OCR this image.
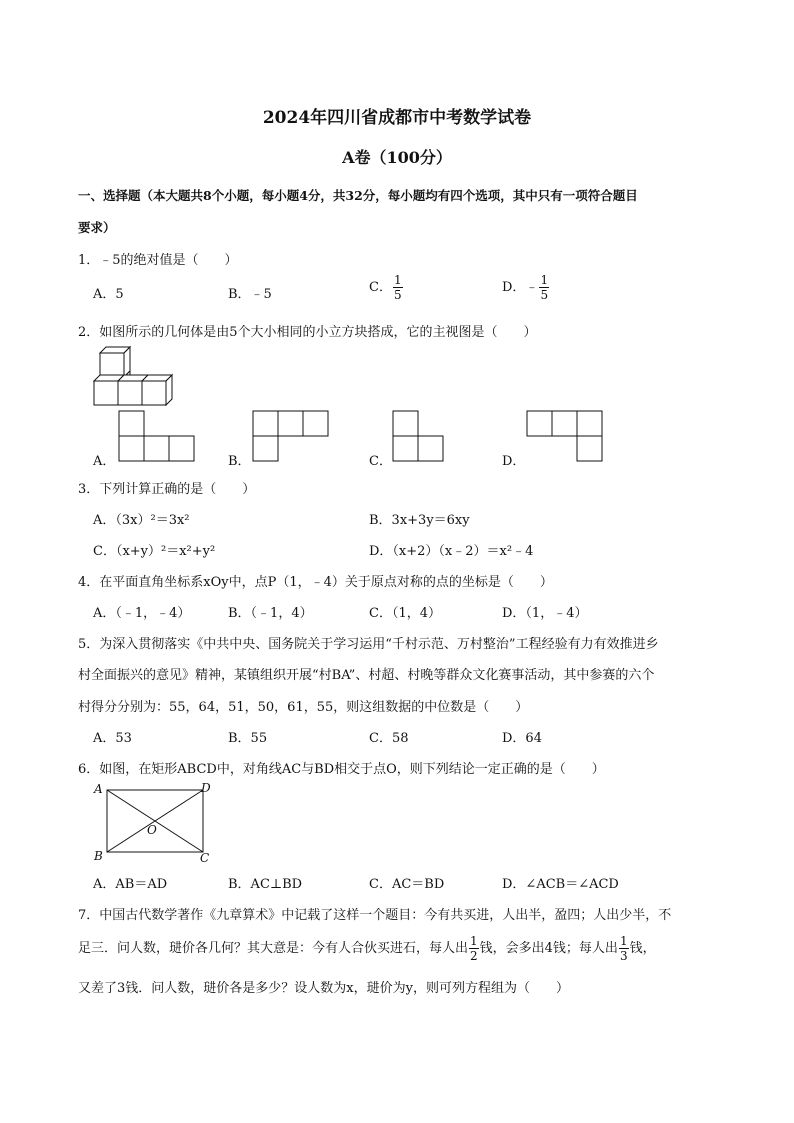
2024年四川省成都市中考数学试卷
A卷（100分）
一、选择题（本大题共8个小题，每小题4分，共32分，每小题均有四个选项，其中只有一项符合题目
要求）
1．﹣5的绝对值是（　　）
A．5	B．﹣5	C． $\frac{1}{5}$	D．﹣ $\frac{1}{5}$
2．如图所示的几何体是由5个大小相同的小立方块搭成，它的主视图是（　　）
A．	B．	C．	D．
3．下列计算正确的是（　　）
A．（3x）²＝3x²	B．3x+3y＝6xy
C．（x+y）²＝x²+y²	D．（x+2）（x﹣2）＝x²﹣4
4．在平面直角坐标系xOy中，点P（1，﹣4）关于原点对称的点的坐标是（　　）
A．（﹣1，﹣4）	B．（﹣1，4）	C．（1，4）	D．（1，﹣4）
5．为深入贯彻落实《中共中央、国务院关于学习运用“千村示范、万村整治”工程经验有力有效推进乡
村全面振兴的意见》精神，某镇组织开展“村BA”、村超、村晚等群众文化赛事活动，其中参赛的六个
村得分分别为：55，64，51，50，61，55，则这组数据的中位数是（　　）
A．53	B．55	C．58	D．64
6．如图，在矩形ABCD中，对角线AC与BD相交于点O，则下列结论一定正确的是（　　）
A
B	C
D
O
A．AB＝AD	B．AC⊥BD	C．AC＝BD	D．∠ACB＝∠ACD
7．中国古代数学著作《九章算术》中记载了这样一个题目：今有共买进，人出半，盈四；人出少半，不
足三．问人数，琎价各几何？其大意是：今有人合伙买进石，每人出 $\frac{1}{2}$ 钱，会多出4钱；每人出 $\frac{1}{3}$ 钱，
又差了3钱．问人数，琎价各是多少？设人数为x，琎价为y，则可列方程组为（　　）
